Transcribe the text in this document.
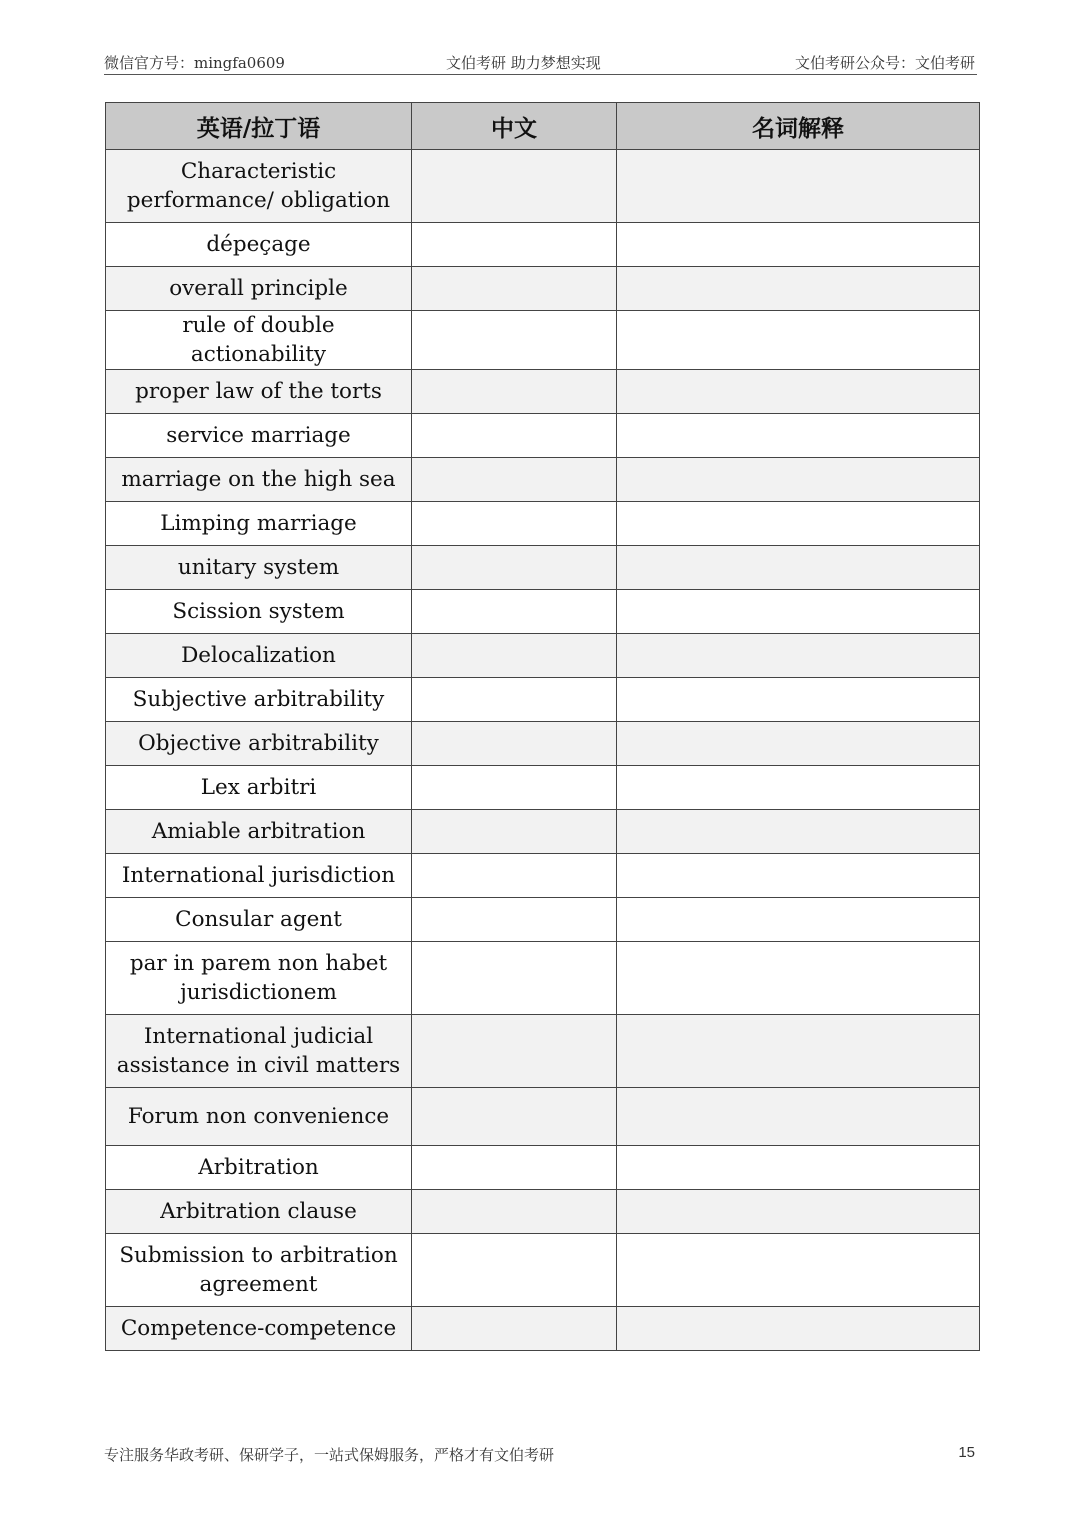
微信官方号：mingfa0609	文伯考研 助力梦想实现	文伯考研公众号：文伯考研
英语/拉丁语	中文	名词解释
Characteristic performance/ obligation		
dépeçage		
overall principle		
rule of double actionability		
proper law of the torts		
service marriage		
marriage on the high sea		
Limping marriage		
unitary system		
Scission system		
Delocalization		
Subjective arbitrability		
Objective arbitrability		
Lex arbitri		
Amiable arbitration		
International jurisdiction		
Consular agent		
par in parem non habet jurisdictionem		
International judicial assistance in civil matters		
Forum non convenience		
Arbitration		
Arbitration clause		
Submission to arbitration agreement		
Competence-competence		
专注服务华政考研、保研学子，一站式保姆服务，严格才有文伯考研	15
